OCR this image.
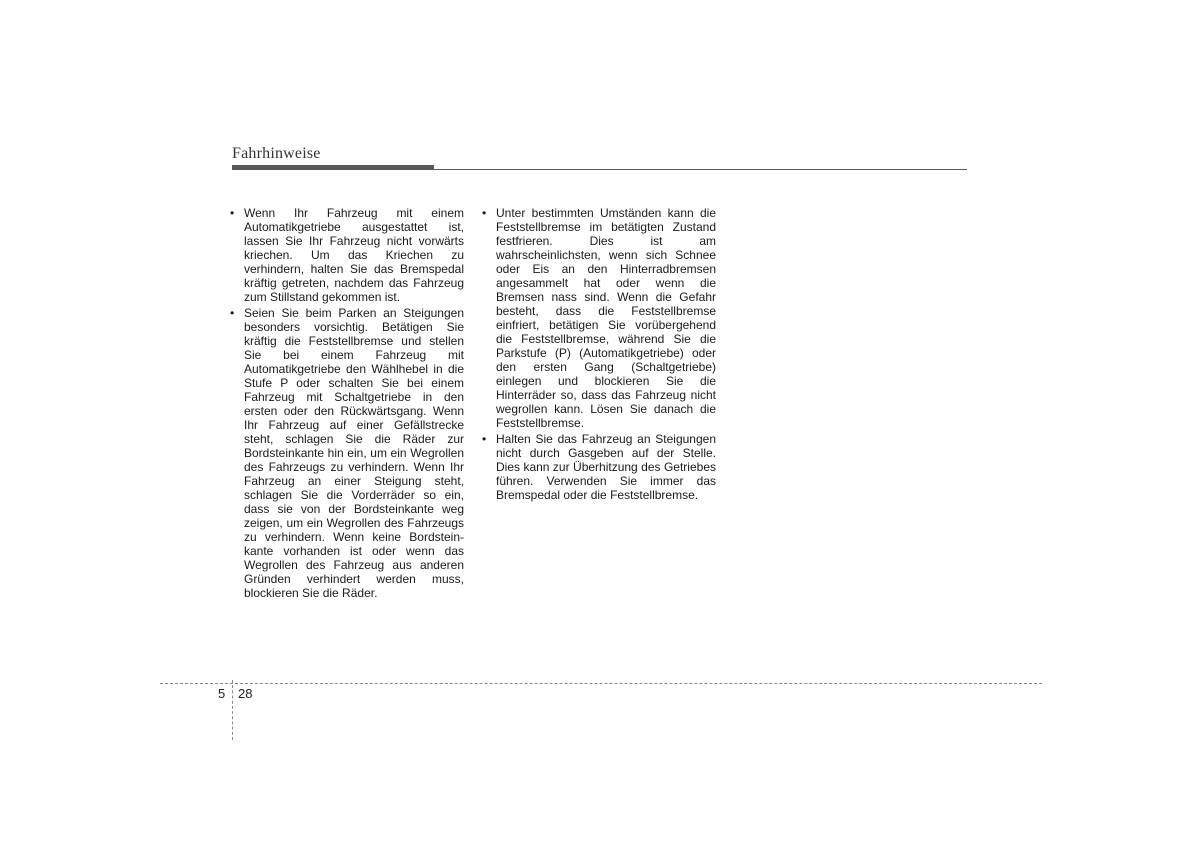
Fahrhinweise
• Wenn Ihr Fahrzeug mit einem Automatikgetriebe ausgestattet ist, lassen Sie Ihr Fahrzeug nicht vorwärts kriechen. Um das Kriechen zu verhindern, halten Sie das Bremspedal kräftig getreten, nachdem das Fahrzeug zum Stillstand gekommen ist.
• Seien Sie beim Parken an Steigungen besonders vorsichtig. Betätigen Sie kräftig die Feststellbremse und stellen Sie bei einem Fahrzeug mit Automatikgetriebe den Wählhebel in die Stufe P oder schalten Sie bei einem Fahrzeug mit Schaltgetriebe in den ersten oder den Rückwärtsgang. Wenn Ihr Fahrzeug auf einer Gefällstrecke steht, schlagen Sie die Räder zur Bordsteinkante hin ein, um ein Wegrollen des Fahrzeugs zu verhindern. Wenn Ihr Fahrzeug an einer Steigung steht, schlagen Sie die Vorderräder so ein, dass sie von der Bordsteinkante weg zeigen, um ein Wegrollen des Fahrzeugs zu verhindern. Wenn keine Bordstein-kante vorhanden ist oder wenn das Wegrollen des Fahrzeug aus anderen Gründen verhindert werden muss, blockieren Sie die Räder.
• Unter bestimmten Umständen kann die Feststellbremse im betätigten Zustand festfrieren. Dies ist am wahrscheinlichsten, wenn sich Schnee oder Eis an den Hinterradbremsen angesammelt hat oder wenn die Bremsen nass sind. Wenn die Gefahr besteht, dass die Feststellbremse einfriert, betätigen Sie vorübergehend die Feststellbremse, während Sie die Parkstufe (P) (Automatikgetriebe) oder den ersten Gang (Schaltgetriebe) einlegen und blockieren Sie die Hinterräder so, dass das Fahrzeug nicht wegrollen kann. Lösen Sie danach die Feststellbremse.
• Halten Sie das Fahrzeug an Steigungen nicht durch Gasgeben auf der Stelle. Dies kann zur Überhitzung des Getriebes führen. Verwenden Sie immer das Bremspedal oder die Feststellbremse.
5 28
